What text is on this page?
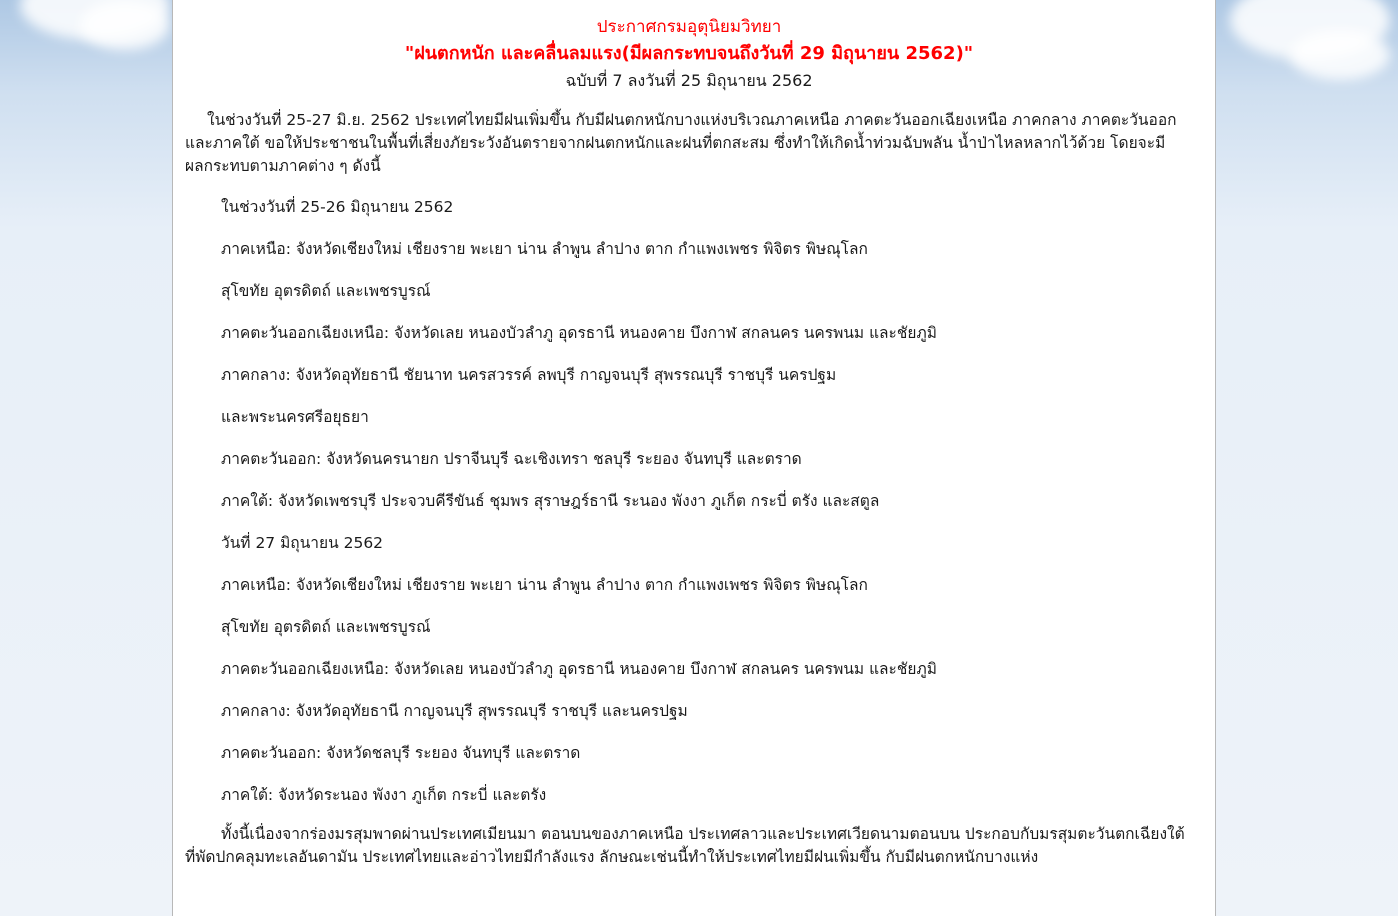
ประกาศกรมอุตุนิยมวิทยา
"ฝนตกหนัก และคลื่นลมแรง(มีผลกระทบจนถึงวันที่ 29 มิถุนายน 2562)"
ฉบับที่ 7 ลงวันที่ 25 มิถุนายน 2562

ในช่วงวันที่ 25-27 มิ.ย. 2562 ประเทศไทยมีฝนเพิ่มขึ้น กับมีฝนตกหนักบางแห่งบริเวณภาคเหนือ ภาคตะวันออกเฉียงเหนือ ภาคกลาง ภาคตะวันออก และภาคใต้ ขอให้ประชาชนในพื้นที่เสี่ยงภัยระวังอันตรายจากฝนตกหนักและฝนที่ตกสะสม ซึ่งทำให้เกิดน้ำท่วมฉับพลัน น้ำป่าไหลหลากไว้ด้วย โดยจะมีผลกระทบตามภาคต่าง ๆ ดังนี้

ในช่วงวันที่ 25-26 มิถุนายน 2562

ภาคเหนือ: จังหวัดเชียงใหม่ เชียงราย พะเยา น่าน ลำพูน ลำปาง ตาก กำแพงเพชร พิจิตร พิษณุโลก

สุโขทัย อุตรดิตถ์ และเพชรบูรณ์

ภาคตะวันออกเฉียงเหนือ: จังหวัดเลย หนองบัวลำภู อุดรธานี หนองคาย บึงกาฬ สกลนคร นครพนม และชัยภูมิ

ภาคกลาง: จังหวัดอุทัยธานี ชัยนาท นครสวรรค์ ลพบุรี กาญจนบุรี สุพรรณบุรี ราชบุรี นครปฐม

และพระนครศรีอยุธยา

ภาคตะวันออก: จังหวัดนครนายก ปราจีนบุรี ฉะเชิงเทรา ชลบุรี ระยอง จันทบุรี และตราด

ภาคใต้: จังหวัดเพชรบุรี ประจวบคีรีขันธ์ ชุมพร สุราษฎร์ธานี ระนอง พังงา ภูเก็ต กระบี่ ตรัง และสตูล

วันที่ 27 มิถุนายน 2562

ภาคเหนือ: จังหวัดเชียงใหม่ เชียงราย พะเยา น่าน ลำพูน ลำปาง ตาก กำแพงเพชร พิจิตร พิษณุโลก

สุโขทัย อุตรดิตถ์ และเพชรบูรณ์

ภาคตะวันออกเฉียงเหนือ: จังหวัดเลย หนองบัวลำภู อุดรธานี หนองคาย บึงกาฬ สกลนคร นครพนม และชัยภูมิ

ภาคกลาง: จังหวัดอุทัยธานี กาญจนบุรี สุพรรณบุรี ราชบุรี และนครปฐม

ภาคตะวันออก: จังหวัดชลบุรี ระยอง จันทบุรี และตราด

ภาคใต้: จังหวัดระนอง พังงา ภูเก็ต กระบี่ และตรัง

ทั้งนี้เนื่องจากร่องมรสุมพาดผ่านประเทศเมียนมา ตอนบนของภาคเหนือ ประเทศลาวและประเทศเวียดนามตอนบน ประกอบกับมรสุมตะวันตกเฉียงใต้ที่พัดปกคลุมทะเลอันดามัน ประเทศไทยและอ่าวไทยมีกำลังแรง ลักษณะเช่นนี้ทำให้ประเทศไทยมีฝนเพิ่มขึ้น กับมีฝนตกหนักบางแห่ง
